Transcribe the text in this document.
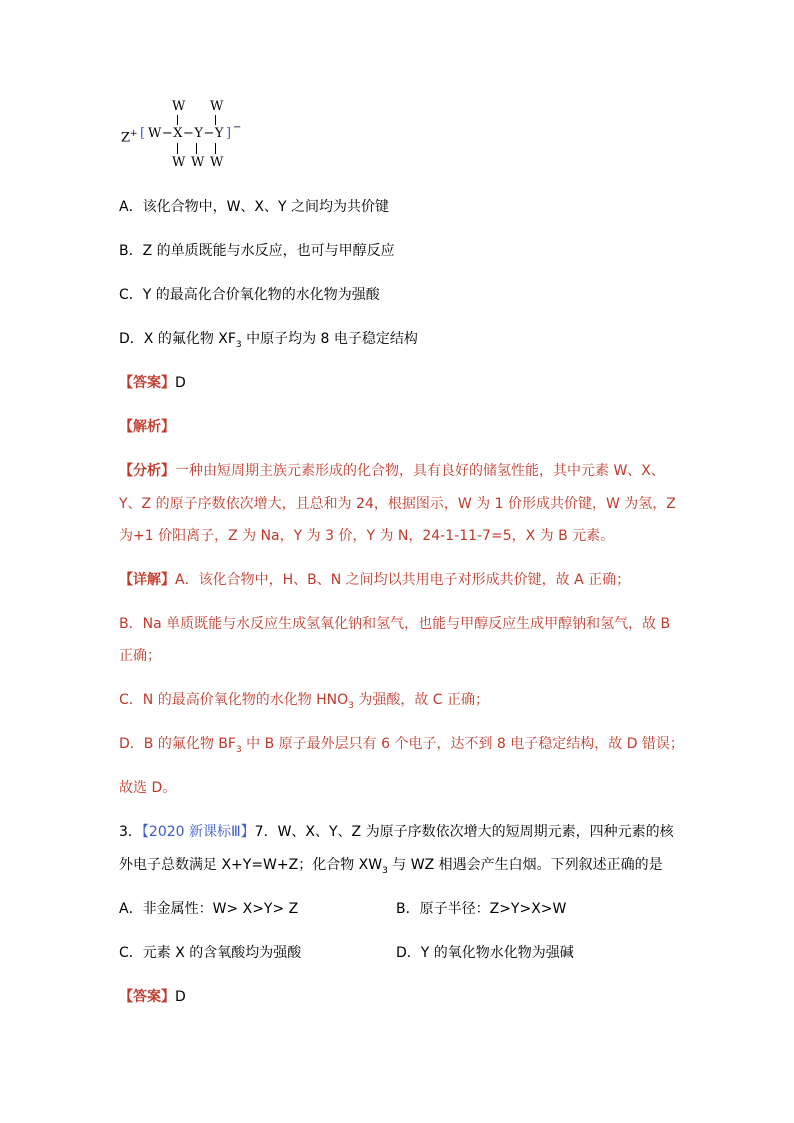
W W
Z+ [ W−X−Y−Y ] −
W W W
A．该化合物中，W、X、Y 之间均为共价键
B．Z 的单质既能与水反应，也可与甲醇反应
C．Y 的最高化合价氧化物的水化物为强酸
D．X 的氟化物 $XF_3$ 中原子均为 8 电子稳定结构
【答案】D
【解析】
【分析】一种由短周期主族元素形成的化合物，具有良好的储氢性能，其中元素 W、X、
Y、Z 的原子序数依次增大，且总和为 24，根据图示，W 为 1 价形成共价键，W 为氢，Z
为+1 价阳离子，Z 为 Na，Y 为 3 价，Y 为 N，24-1-11-7=5，X 为 B 元素。
【详解】A．该化合物中，H、B、N 之间均以共用电子对形成共价键，故 A 正确；
B．Na 单质既能与水反应生成氢氧化钠和氢气，也能与甲醇反应生成甲醇钠和氢气，故 B
正确；
C．N 的最高价氧化物的水化物 $HNO_3$ 为强酸，故 C 正确；
D．B 的氟化物 $BF_3$ 中 B 原子最外层只有 6 个电子，达不到 8 电子稳定结构，故 D 错误；
故选 D。
3．【2020 新课标Ⅲ】7．W、X、Y、Z 为原子序数依次增大的短周期元素，四种元素的核
外电子总数满足 X+Y=W+Z；化合物 $XW_3$ 与 WZ 相遇会产生白烟。下列叙述正确的是
A．非金属性：W> X>Y> Z	B．原子半径：Z>Y>X>W
C．元素 X 的含氧酸均为强酸	D．Y 的氧化物水化物为强碱
【答案】D
